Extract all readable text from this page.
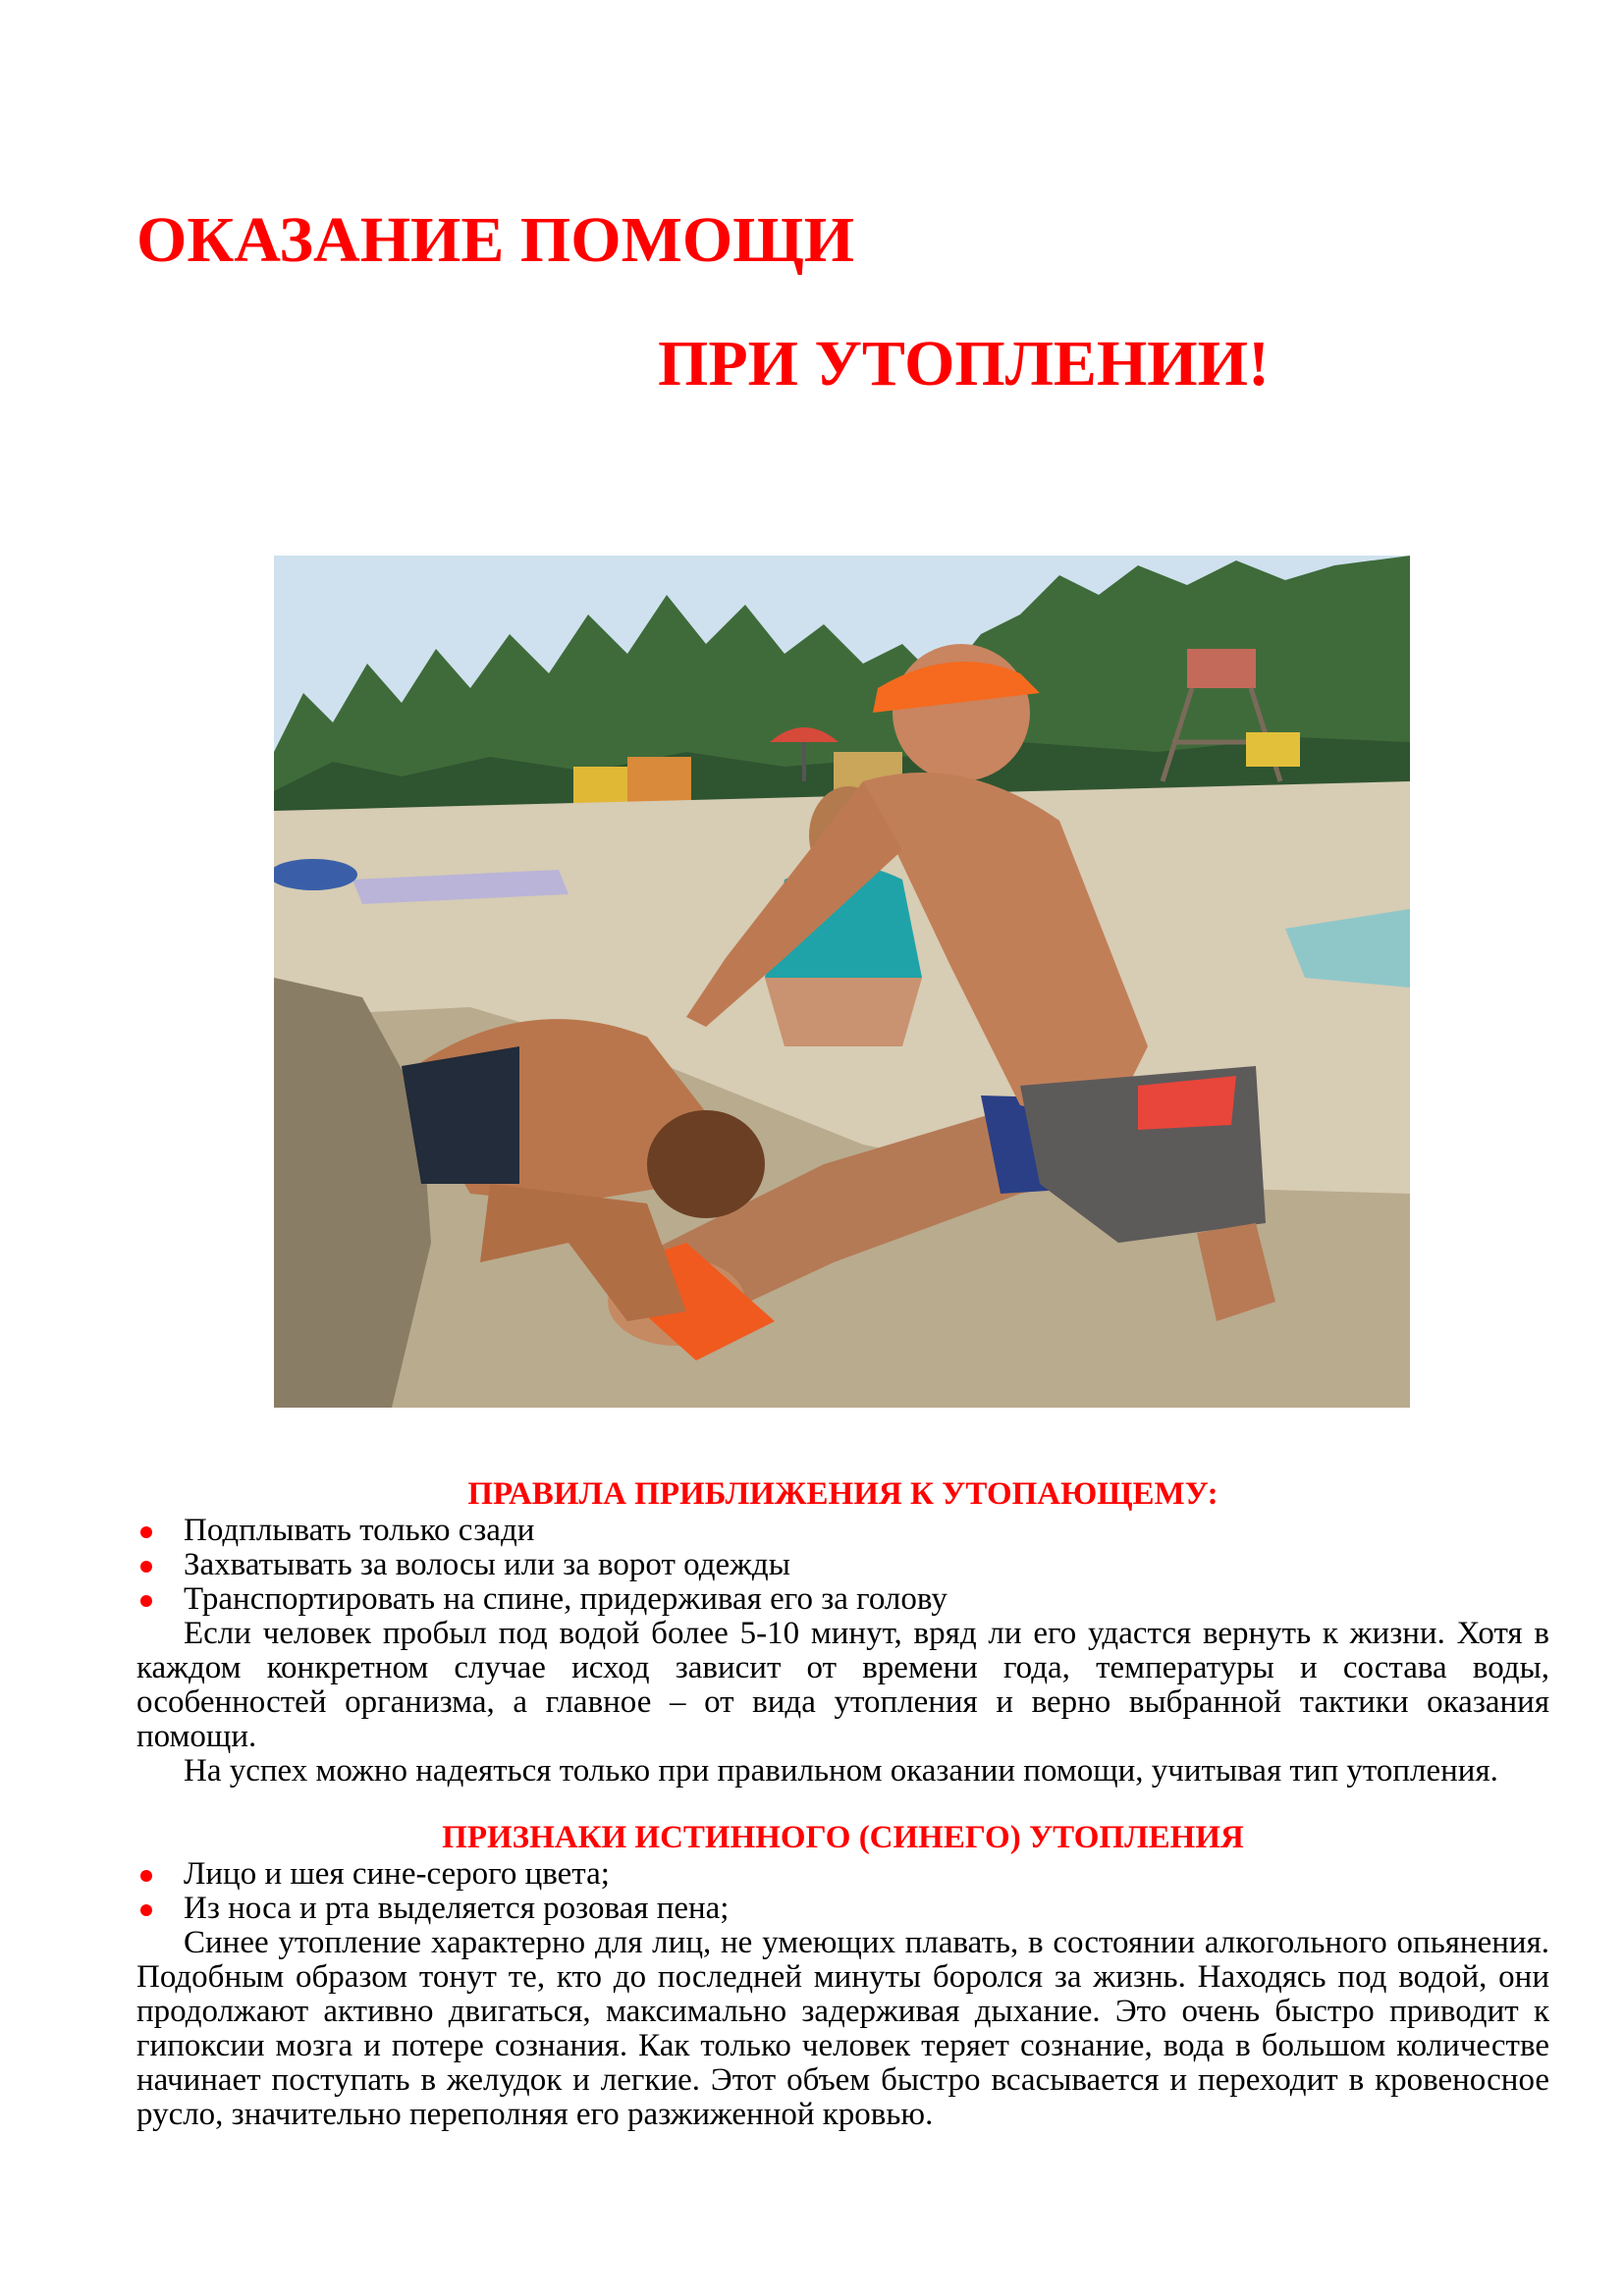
ОКАЗАНИЕ ПОМОЩИ
ПРИ УТОПЛЕНИИ!
ПРАВИЛА ПРИБЛИЖЕНИЯ К УТОПАЮЩЕМУ:
Подплывать только сзади
Захватывать за волосы или за ворот одежды
Транспортировать на спине, придерживая его за голову

Если человек пробыл под водой более 5-10 минут, вряд ли его удастся вернуть к жизни. Хотя в каждом конкретном случае исход зависит от времени года, температуры и состава воды, особенностей организма, а главное – от вида утопления и верно выбранной тактики оказания помощи.

На успех можно надеяться только при правильном оказании помощи, учитывая тип утопления.

ПРИЗНАКИ ИСТИННОГО (СИНЕГО) УТОПЛЕНИЯ
Лицо и шея сине-серого цвета;
Из носа и рта выделяется розовая пена;

Синее утопление характерно для лиц, не умеющих плавать, в состоянии алкогольного опьянения. Подобным образом тонут те, кто до последней минуты боролся за жизнь. Находясь под водой, они продолжают активно двигаться, максимально задерживая дыхание. Это очень быстро приводит к гипоксии мозга и потере сознания. Как только человек теряет сознание, вода в большом количестве начинает поступать в желудок и легкие. Этот объем быстро всасывается и переходит в кровеносное русло, значительно переполняя его разжиженной кровью.
